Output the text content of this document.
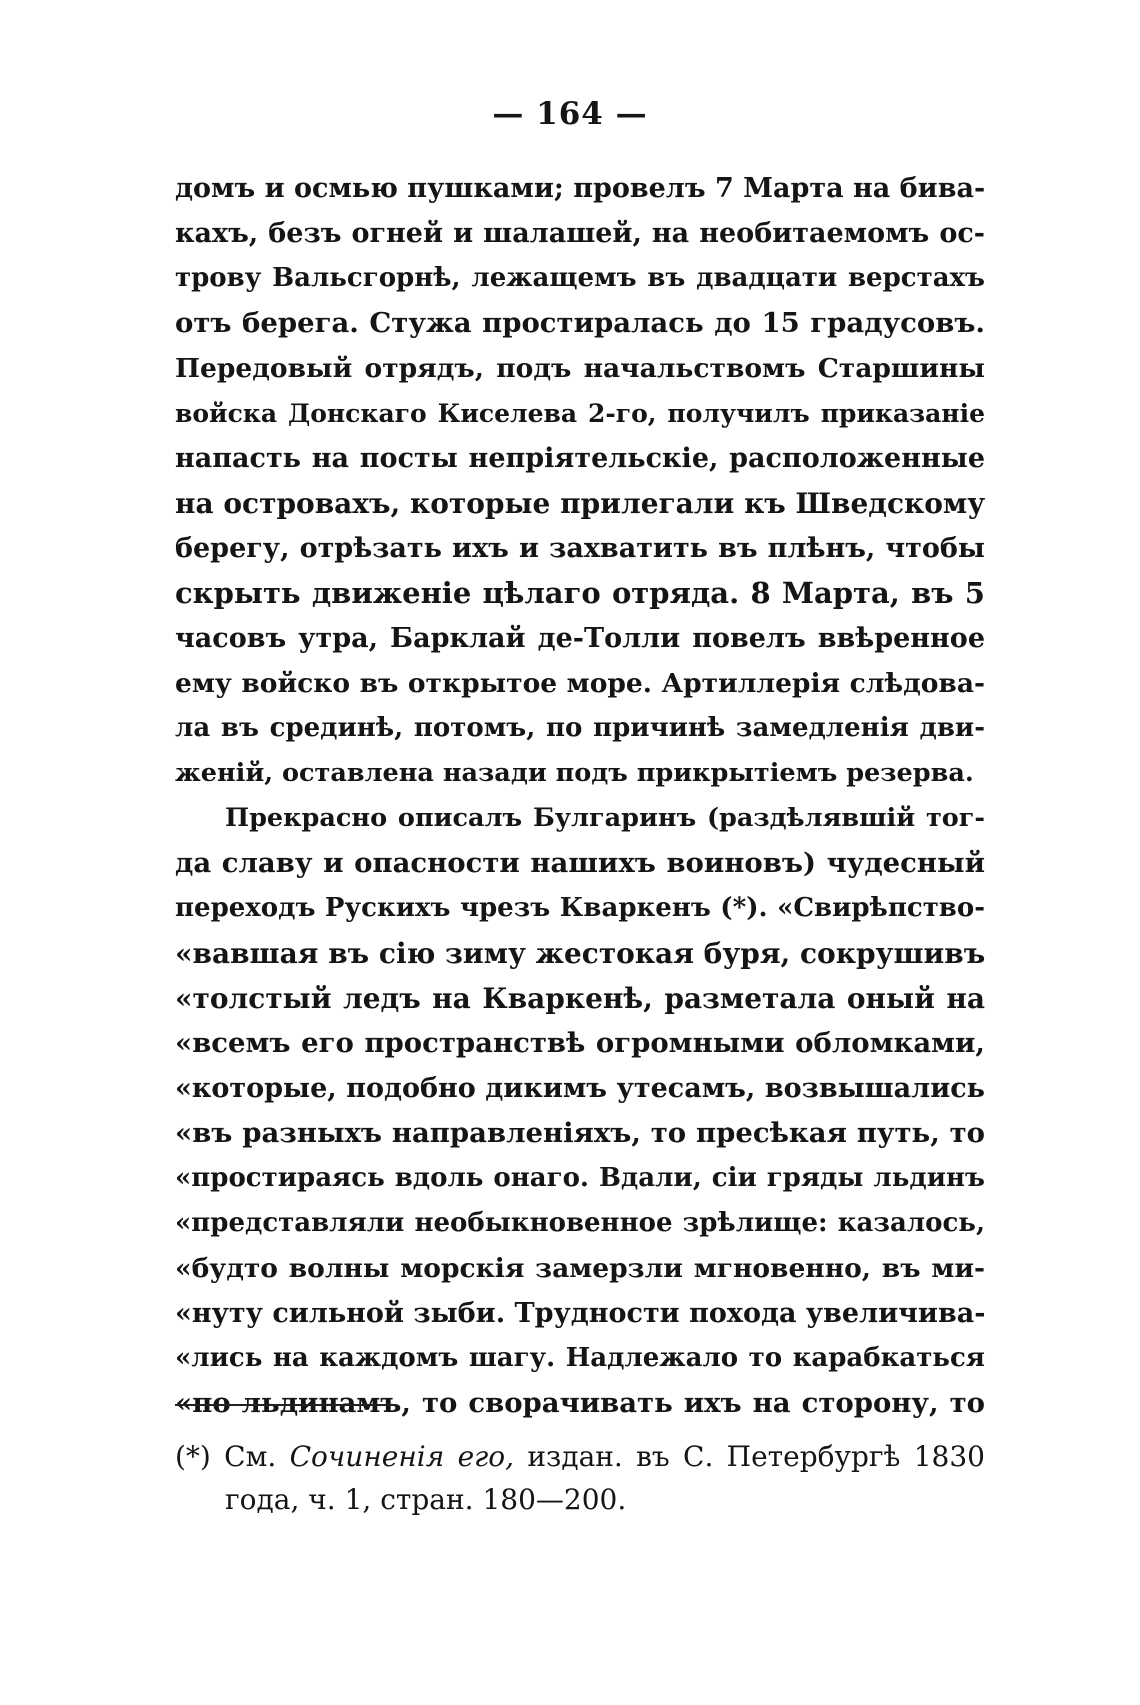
— 164 —
домъ и осмью пушками; провелъ 7 Марта на бива-
кахъ, безъ огней и шалашей, на необитаемомъ ос-
трову Вальсгорнѣ, лежащемъ въ двадцати верстахъ
отъ берега. Стужа простиралась до 15 градусовъ.
Передовый отрядъ, подъ начальствомъ Старшины
войска Донскаго Киселева 2-го, получилъ приказанiе
напасть на посты непрiятельскiе, расположенные
на островахъ, которые прилегали къ Шведскому
берегу, отрѣзать ихъ и захватить въ плѣнъ, чтобы
скрыть движенiе цѣлаго отряда. 8 Марта, въ 5
часовъ утра, Барклай де-Толли повелъ ввѣренное
ему войско въ открытое море. Артиллерiя слѣдова-
ла въ срединѣ, потомъ, по причинѣ замедленiя дви-
женiй, оставлена назади подъ прикрытiемъ резерва.
Прекрасно описалъ Булгаринъ (раздѣлявшiй тог-
да славу и опасности нашихъ воиновъ) чудесный
переходъ Рускихъ чрезъ Кваркенъ (*). «Свирѣпство-
«вавшая въ сiю зиму жестокая буря, сокрушивъ
«толстый ледъ на Кваркенѣ, разметала оный на
«всемъ его пространствѣ огромными обломками,
«которые, подобно дикимъ утесамъ, возвышались
«въ разныхъ направленiяхъ, то пресѣкая путь, то
«простираясь вдоль онаго. Вдали, сiи гряды льдинъ
«представляли необыкновенное зрѣлище: казалось,
«будто волны морскiя замерзли мгновенно, въ ми-
«нуту сильной зыби. Трудности похода увеличива-
«лись на каждомъ шагу. Надлежало то карабкаться
«по льдинамъ, то сворачивать ихъ на сторону, то
(*) См. Сочиненiя его, издан. въ С. Петербургѣ 1830
года, ч. 1, стран. 180—200.
